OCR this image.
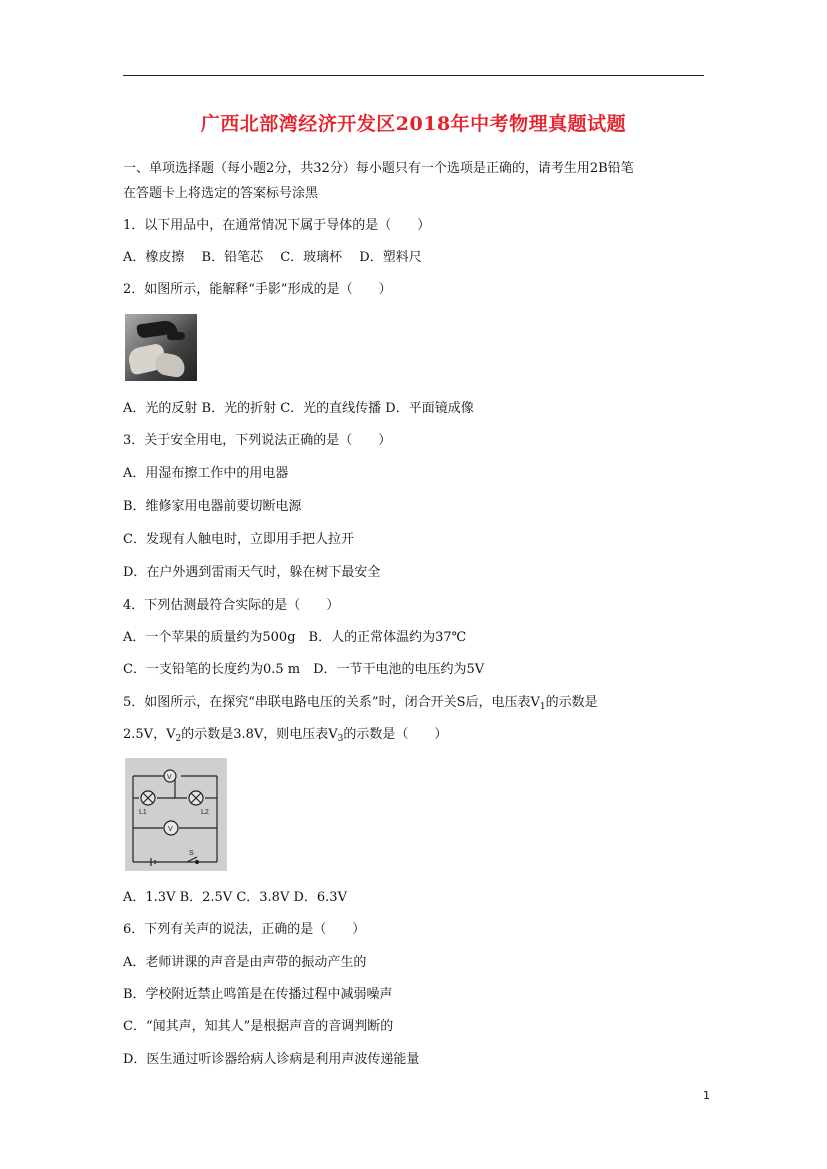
广西北部湾经济开发区2018年中考物理真题试题
一、单项选择题（每小题2分，共32分）每小题只有一个选项是正确的，请考生用2B铅笔
在答题卡上将选定的答案标号涂黑
1．以下用品中，在通常情况下属于导体的是（　　）
A．橡皮擦　 B．铅笔芯　 C．玻璃杯　 D．塑料尺
2．如图所示，能解释“手影”形成的是（　　）
A．光的反射 B．光的折射 C．光的直线传播 D．平面镜成像
3．关于安全用电，下列说法正确的是（　　）
A．用湿布擦工作中的用电器
B．维修家用电器前要切断电源
C．发现有人触电时，立即用手把人拉开
D．在户外遇到雷雨天气时，躲在树下最安全
4．下列估测最符合实际的是（　　）
A．一个苹果的质量约为500g　B．人的正常体温约为37℃
C．一支铅笔的长度约为0.5 m　D．一节干电池的电压约为5V
5．如图所示，在探究“串联电路电压的关系”时，闭合开关S后，电压表$V_1$的示数是
2.5V，$V_2$的示数是3.8V，则电压表$V_3$的示数是（　　）
V
V
L1	L2
S
A．1.3V B．2.5V C．3.8V D．6.3V
6．下列有关声的说法，正确的是（　　）
A．老师讲课的声音是由声带的振动产生的
B．学校附近禁止鸣笛是在传播过程中减弱噪声
C．“闻其声，知其人”是根据声音的音调判断的
D．医生通过听诊器给病人诊病是利用声波传递能量
1
